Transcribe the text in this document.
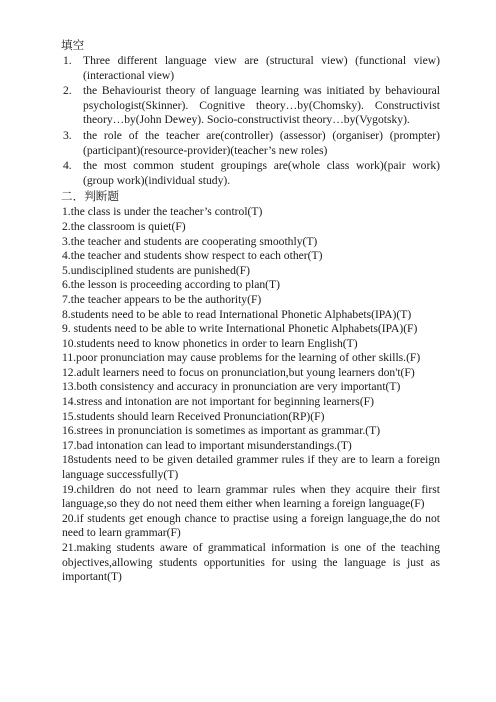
填空
1. Three different language view are (structural view) (functional view) (interactional view)
2. the Behaviourist theory of language learning was initiated by behavioural psychologist(Skinner). Cognitive theory…by(Chomsky). Constructivist theory…by(John Dewey). Socio-constructivist theory…by(Vygotsky).
3. the role of the teacher are(controller) (assessor) (organiser) (prompter) (participant)(resource-provider)(teacher’s new roles)
4. the most common student groupings are(whole class work)(pair work)(group work)(individual study).
二．判断题

1.the class is under the teacher’s control(T)

2.the classroom is quiet(F)

3.the teacher and students are cooperating smoothly(T)

4.the teacher and students show respect to each other(T)

5.undisciplined students are punished(F)

6.the lesson is proceeding according to plan(T)

7.the teacher appears to be the authority(F)

8.students need to be able to read International Phonetic Alphabets(IPA)(T)

9. students need to be able to write International Phonetic Alphabets(IPA)(F)

10.students need to know phonetics in order to learn English(T)

11.poor pronunciation may cause problems for the learning of other skills.(F)

12.adult learners need to focus on pronunciation,but young learners don't(F)

13.both consistency and accuracy in pronunciation are very important(T)

14.stress and intonation are not important for beginning learners(F)

15.students should learn Received Pronunciation(RP)(F)

16.strees in pronunciation is sometimes as important as grammar.(T)

17.bad intonation can lead to important misunderstandings.(T)

18students need to be given detailed grammer rules if they are to learn a foreign language successfully(T)

19.children do not need to learn grammar rules when they acquire their first language,so they do not need them either when learning a foreign language(F)

20.if students get enough chance to practise using a foreign language,the do not need to learn grammar(F)

21.making students aware of grammatical information is one of the teaching objectives,allowing students opportunities for using the language is just as important(T)
